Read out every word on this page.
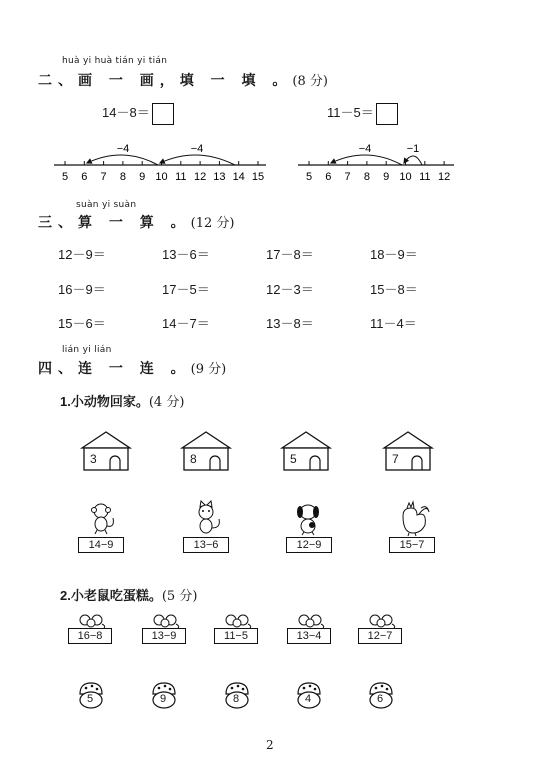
huà yi huà tián yi tián
二、画 一 画，填 一 填 。(8 分)
14－8＝	11－5＝
5 6 7 8 9 10 11 12 13 14 15
−4	−4
5 6 7 8 9 10 11 12
−4	−1
suàn yi suàn
三、算 一 算 。(12 分)
12－9＝	13－6＝	17－8＝	18－9＝
16－9＝	17－5＝	12－3＝	15－8＝
15－6＝	14－7＝	13－8＝	11－4＝
lián yi lián
四、连 一 连 。(9 分)
1.小动物回家。(4 分)
3	8	5	7
14−9	13−6	12−9	15−7
2.小老鼠吃蛋糕。(5 分)
16−8	13−9	11−5	13−4	12−7
5	9	8	4	6
2
